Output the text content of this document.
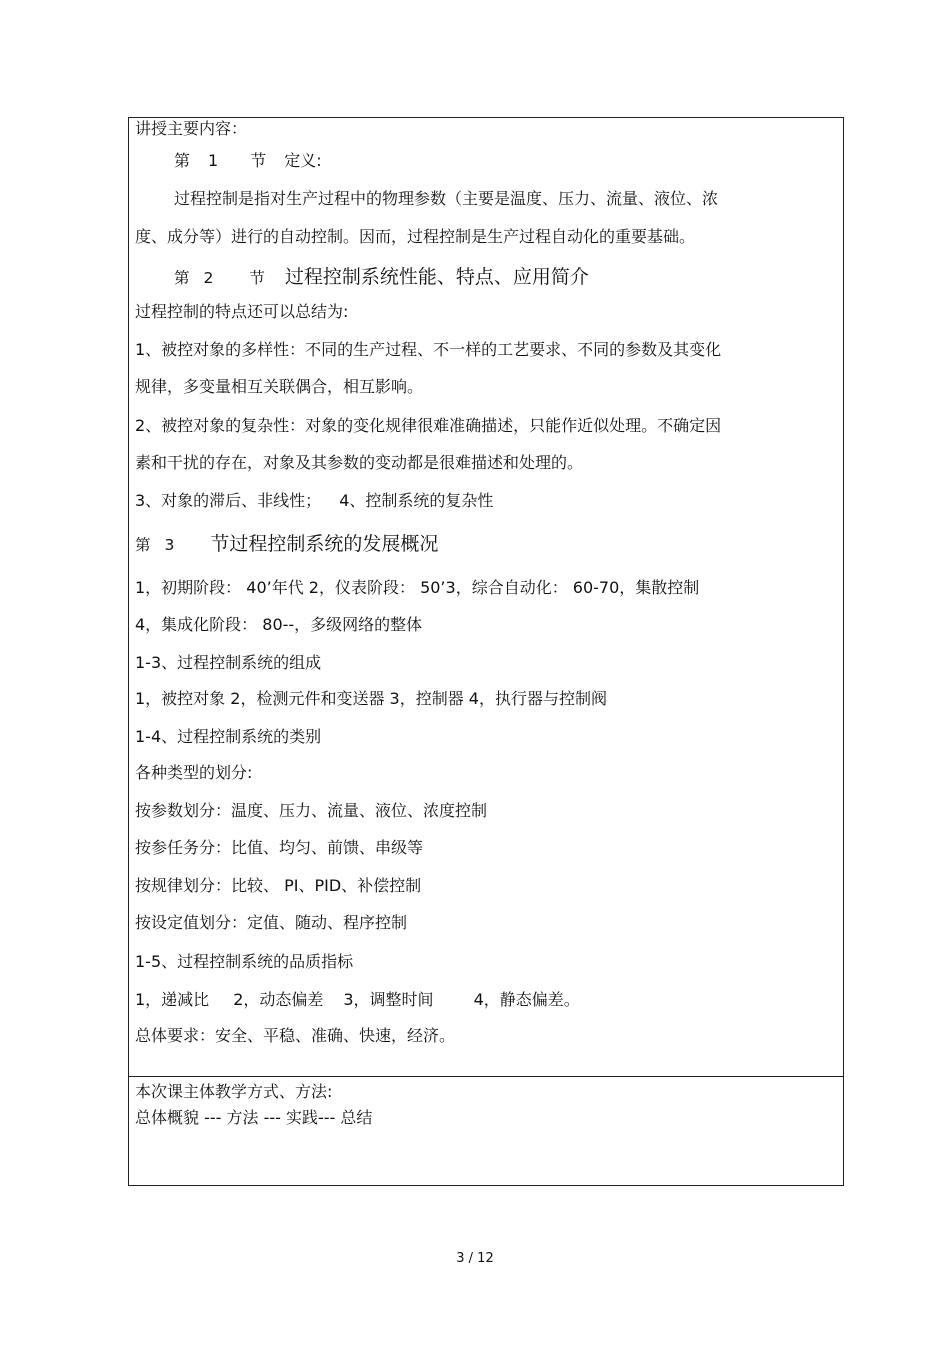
讲授主要内容：
第 1 节 定义:
过程控制是指对生产过程中的物理参数（主要是温度、压力、流量、液位、浓
度、成分等）进行的自动控制。因而，过程控制是生产过程自动化的重要基础。
第 2 节 过程控制系统性能、特点、应用简介
过程控制的特点还可以总结为:
1、被控对象的多样性：不同的生产过程、不一样的工艺要求、不同的参数及其变化
规律，多变量相互关联偶合，相互影响。
2、被控对象的复杂性：对象的变化规律很难准确描述，只能作近似处理。不确定因
素和干扰的存在，对象及其参数的变动都是很难描述和处理的。
3、对象的滞后、非线性； 4、控制系统的复杂性
第 3 节过程控制系统的发展概况
1，初期阶段： 40’年代 2，仪表阶段： 50’3，综合自动化： 60-70，集散控制
4，集成化阶段： 80--，多级网络的整体
1-3、过程控制系统的组成
1，被控对象 2，检测元件和变送器 3，控制器 4，执行器与控制阀
1-4、过程控制系统的类别
各种类型的划分:
按参数划分：温度、压力、流量、液位、浓度控制
按参任务分：比值、均匀、前馈、串级等
按规律划分：比较、 PI、PID、补偿控制
按设定值划分：定值、随动、程序控制
1-5、过程控制系统的品质指标
1，递减比 2，动态偏差 3，调整时间	4，静态偏差。
总体要求：安全、平稳、准确、快速，经济。
本次课主体教学方式、方法:
总体概貌 --- 方法 --- 实践--- 总结
3 / 12
